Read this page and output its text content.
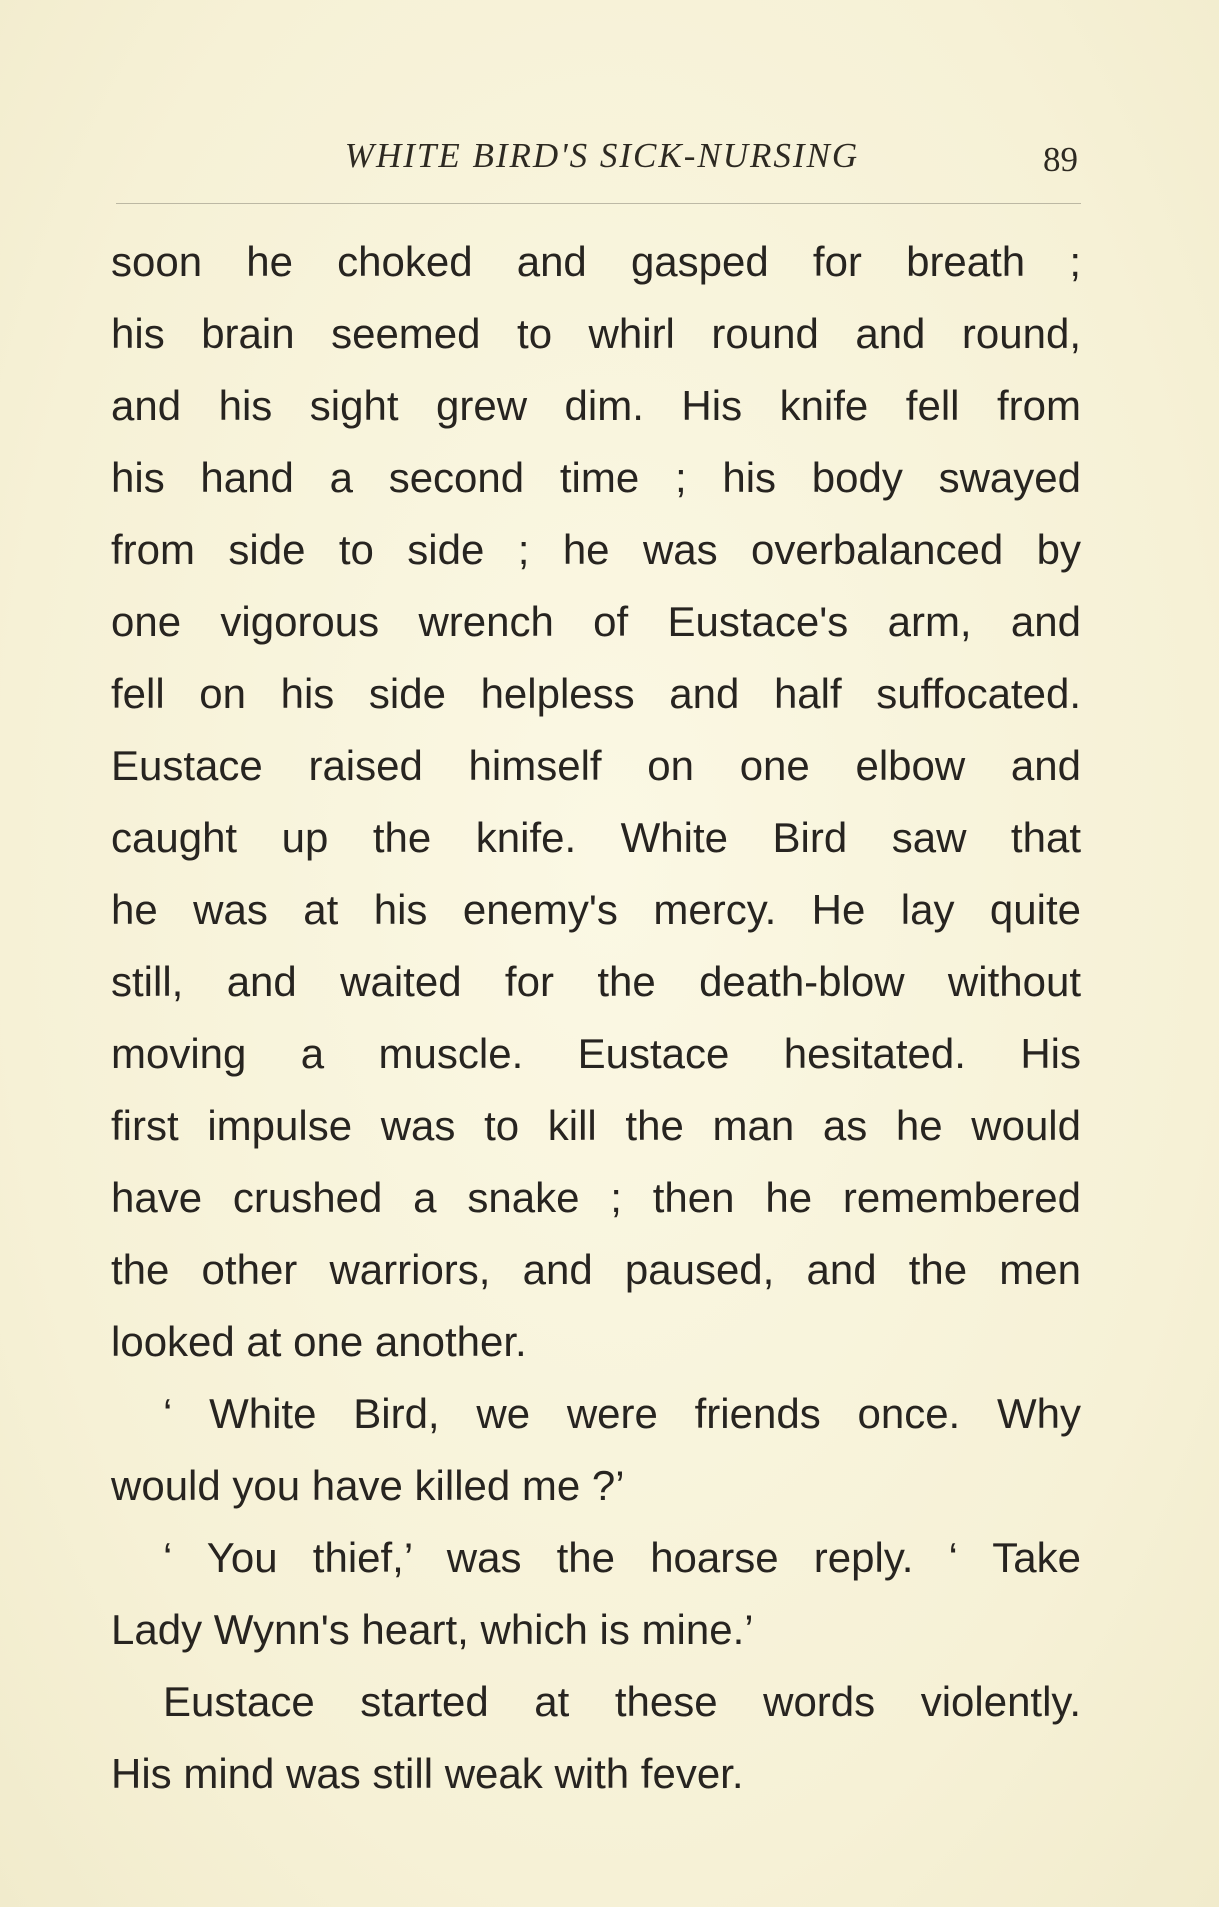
WHITE BIRD'S SICK-NURSING	89
soon he choked and gasped for breath ;
his brain seemed to whirl round and round,
and his sight grew dim. His knife fell from
his hand a second time ; his body swayed
from side to side ; he was overbalanced by
one vigorous wrench of Eustace's arm, and
fell on his side helpless and half suffocated.
Eustace raised himself on one elbow and
caught up the knife. White Bird saw that
he was at his enemy's mercy. He lay quite
still, and waited for the death-blow without
moving a muscle. Eustace hesitated. His
first impulse was to kill the man as he would
have crushed a snake ; then he remembered
the other warriors, and paused, and the men
looked at one another.
‘ White Bird, we were friends once. Why
would you have killed me ?’
‘ You thief,’ was the hoarse reply. ‘ Take
Lady Wynn's heart, which is mine.’
Eustace started at these words violently.
His mind was still weak with fever.
